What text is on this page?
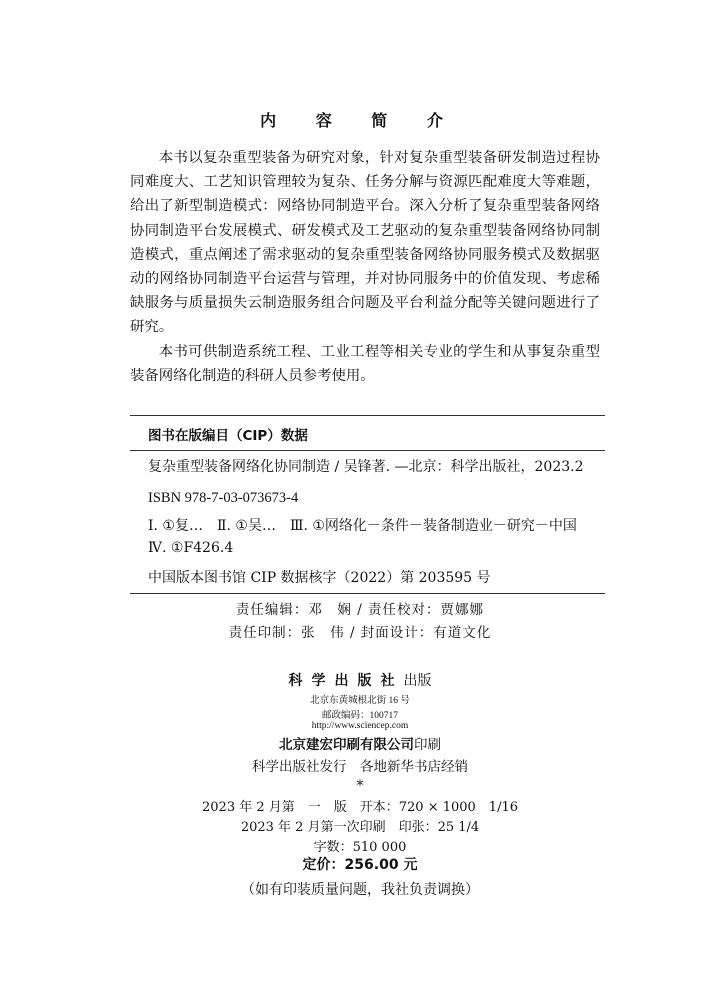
内 容 简 介

本书以复杂重型装备为研究对象，针对复杂重型装备研发制造过程协同难度大、工艺知识管理较为复杂、任务分解与资源匹配难度大等难题，给出了新型制造模式：网络协同制造平台。深入分析了复杂重型装备网络协同制造平台发展模式、研发模式及工艺驱动的复杂重型装备网络协同制造模式，重点阐述了需求驱动的复杂重型装备网络协同服务模式及数据驱动的网络协同制造平台运营与管理，并对协同服务中的价值发现、考虑稀缺服务与质量损失云制造服务组合问题及平台利益分配等关键问题进行了研究。

本书可供制造系统工程、工业工程等相关专业的学生和从事复杂重型装备网络化制造的科研人员参考使用。

图书在版编目（CIP）数据
复杂重型装备网络化协同制造 / 吴锋著. —北京：科学出版社，2023.2
ISBN 978-7-03-073673-4
Ⅰ. ①复…　Ⅱ. ①吴…　Ⅲ. ①网络化－条件－装备制造业－研究－中国　Ⅳ. ①F426.4
中国版本图书馆 CIP 数据核字（2022）第 203595 号
责任编辑：邓　娴 / 责任校对：贾娜娜
责任印制：张　伟 / 封面设计：有道文化
科学出版社出版
北京东黄城根北街 16 号
邮政编码：100717
http://www.sciencep.com
北京建宏印刷有限公司印刷
科学出版社发行　各地新华书店经销
*
2023 年 2 月第　一　版　开本：720 × 1000　1/16
2023 年 2 月第一次印刷　印张：25 1/4
字数：510 000
定价：256.00 元
（如有印装质量问题，我社负责调换）
